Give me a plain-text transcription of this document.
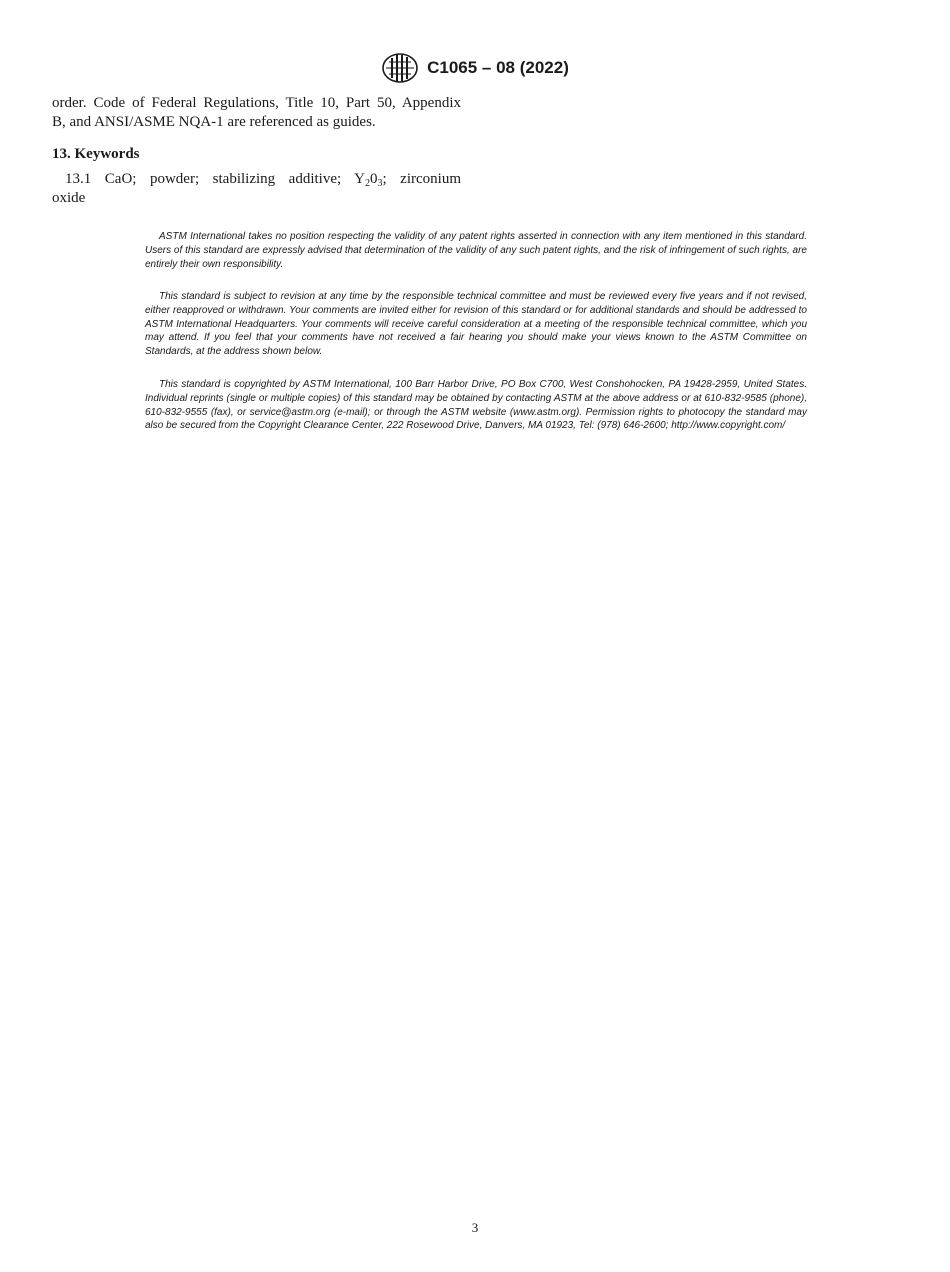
C1065 – 08 (2022)
order. Code of Federal Regulations, Title 10, Part 50, Appendix
B, and ANSI/ASME NQA-1 are referenced as guides.
13. Keywords
13.1 CaO; powder; stabilizing additive; $Y_20_3$; zirconium
oxide

ASTM International takes no position respecting the validity of any patent rights asserted in connection with any item mentioned in this standard. Users of this standard are expressly advised that determination of the validity of any such patent rights, and the risk of infringement of such rights, are entirely their own responsibility.

This standard is subject to revision at any time by the responsible technical committee and must be reviewed every five years and if not revised, either reapproved or withdrawn. Your comments are invited either for revision of this standard or for additional standards and should be addressed to ASTM International Headquarters. Your comments will receive careful consideration at a meeting of the responsible technical committee, which you may attend. If you feel that your comments have not received a fair hearing you should make your views known to the ASTM Committee on Standards, at the address shown below.

This standard is copyrighted by ASTM International, 100 Barr Harbor Drive, PO Box C700, West Conshohocken, PA 19428-2959, United States. Individual reprints (single or multiple copies) of this standard may be obtained by contacting ASTM at the above address or at 610-832-9585 (phone), 610-832-9555 (fax), or service@astm.org (e-mail); or through the ASTM website (www.astm.org). Permission rights to photocopy the standard may also be secured from the Copyright Clearance Center, 222 Rosewood Drive, Danvers, MA 01923, Tel: (978) 646-2600; http://www.copyright.com/

3
